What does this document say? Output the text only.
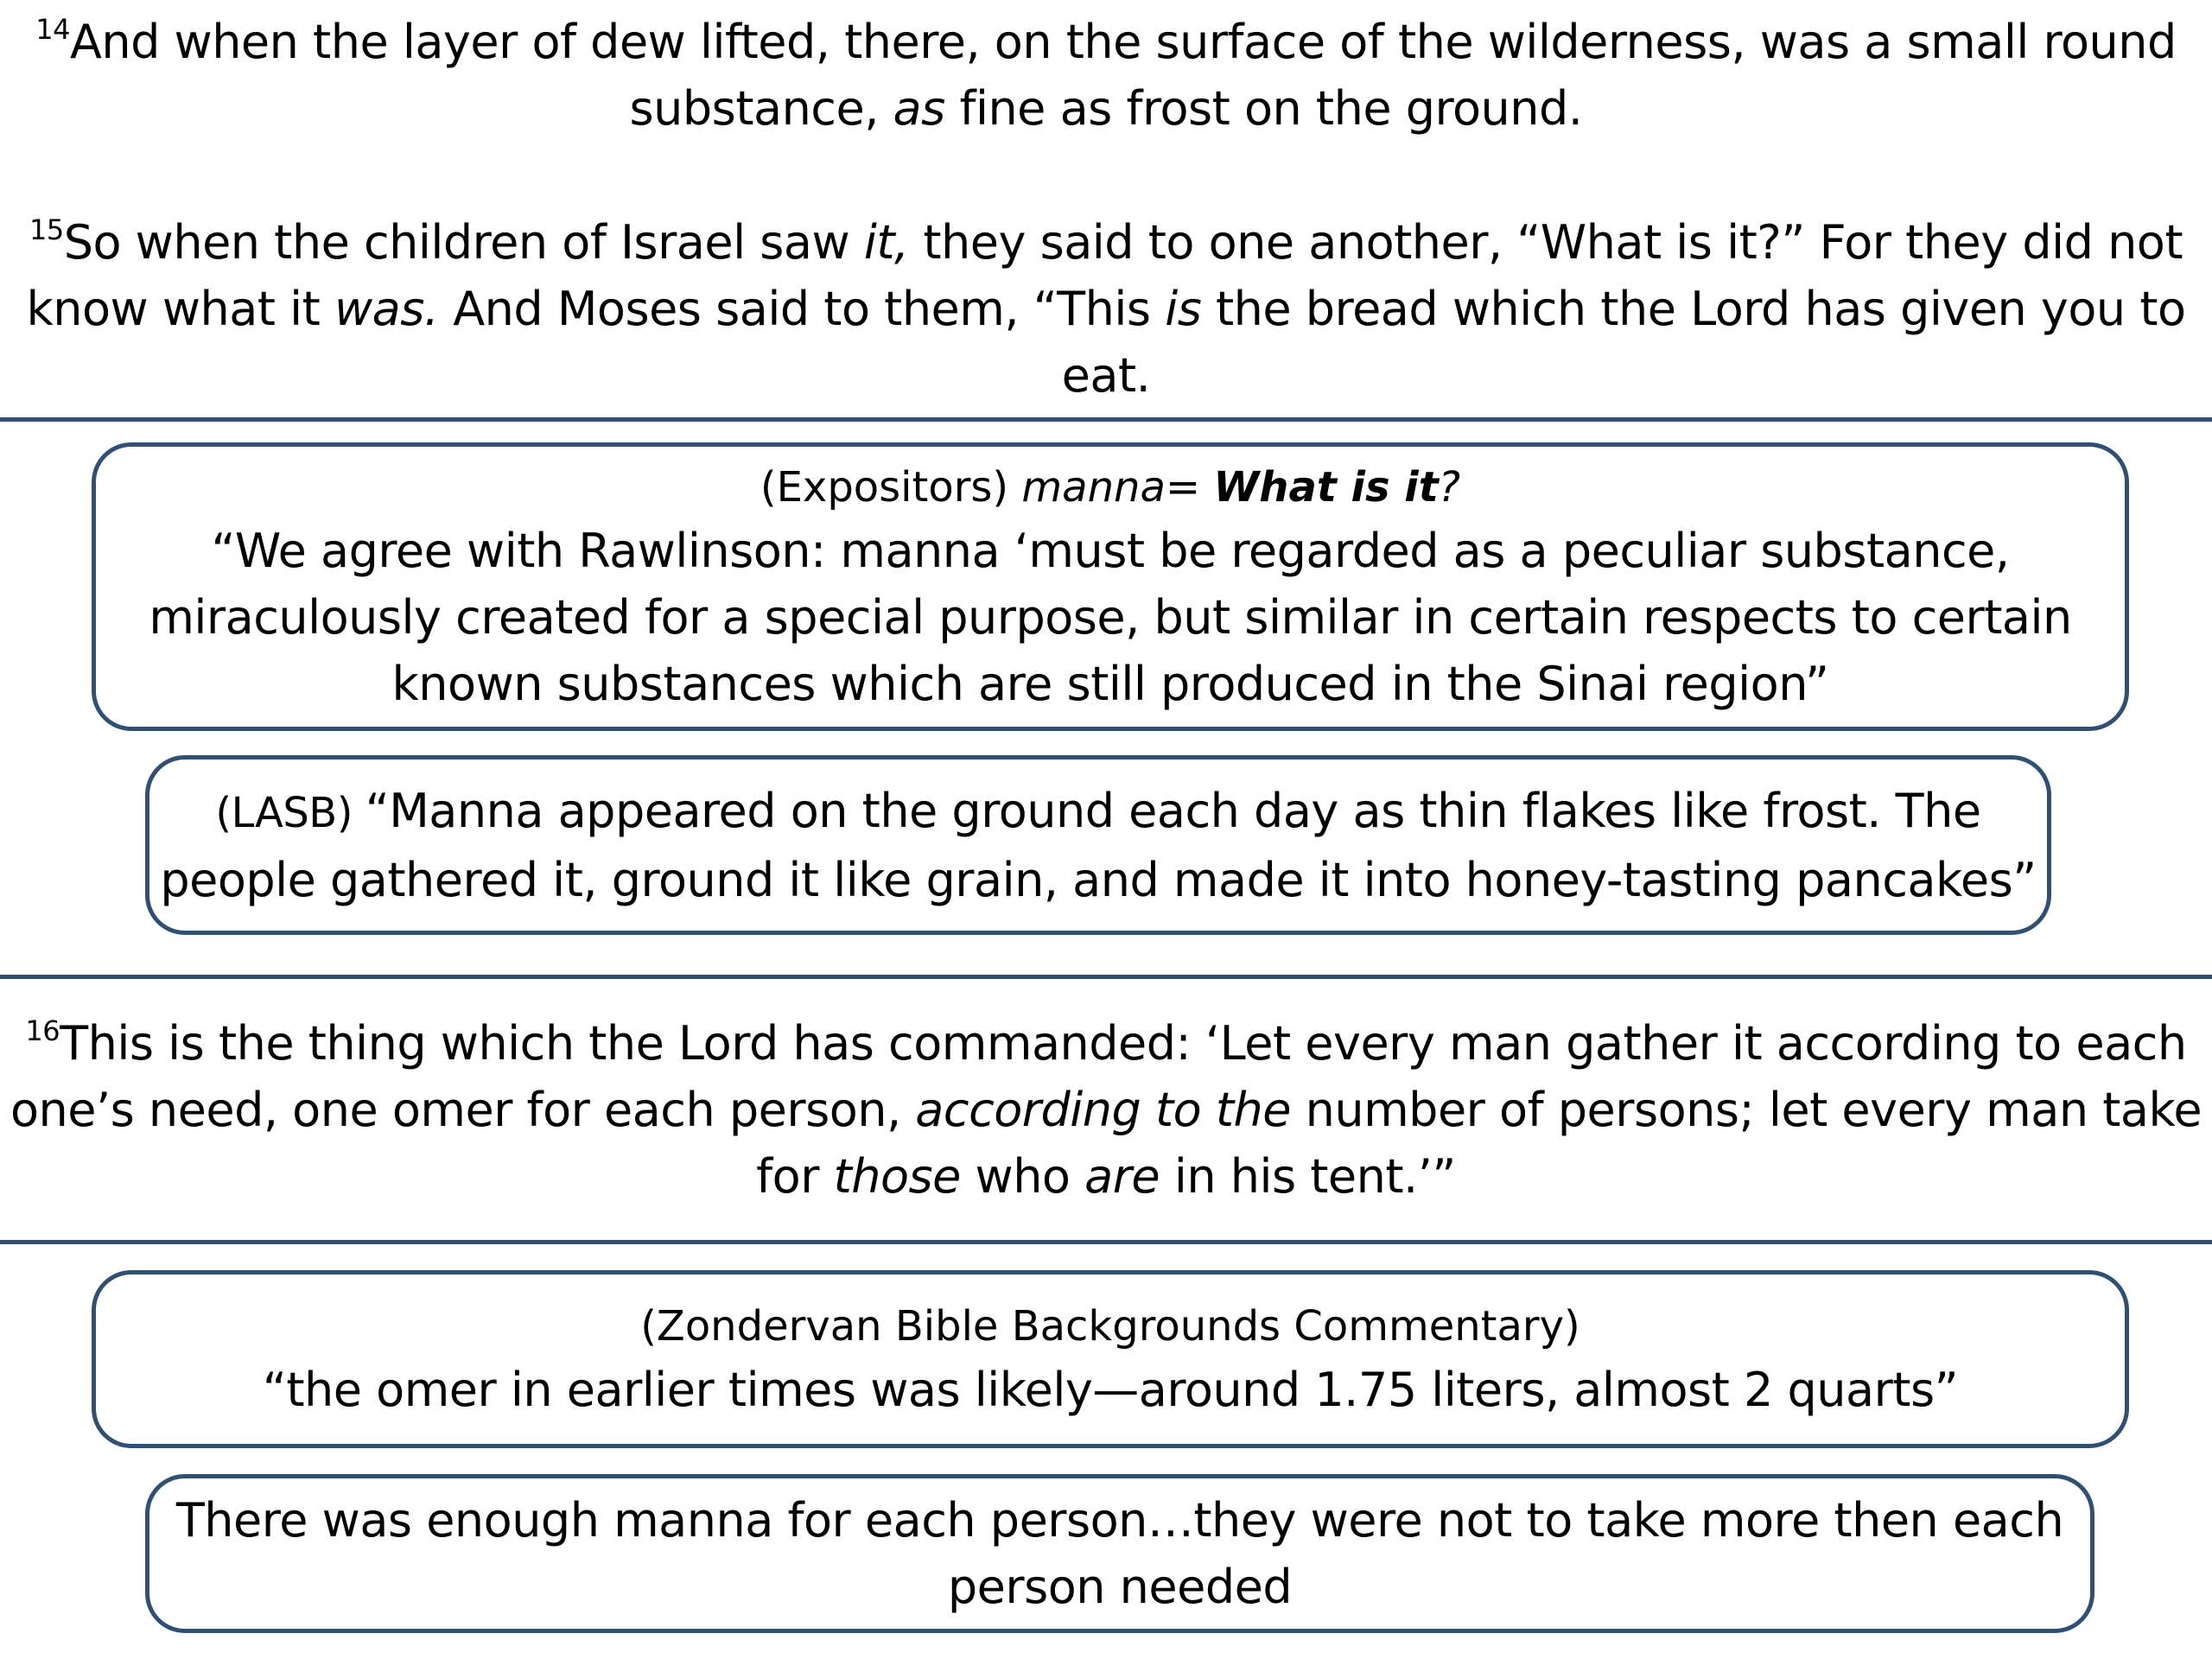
$^{14}$And when the layer of dew lifted, there, on the surface of the wilderness, was a small round

substance, as fine as frost on the ground.

$^{15}$So when the children of Israel saw it, they said to one another, “What is it?” For they did not

know what it was. And Moses said to them, “This is the bread which the Lord has given you to

eat.

(Expositors) manna= What is it?

“We agree with Rawlinson: manna ‘must be regarded as a peculiar substance,

miraculously created for a special purpose, but similar in certain respects to certain

known substances which are still produced in the Sinai region”

(LASB) “Manna appeared on the ground each day as thin flakes like frost. The

people gathered it, ground it like grain, and made it into honey-tasting pancakes”

$^{16}$This is the thing which the Lord has commanded: ‘Let every man gather it according to each

one’s need, one omer for each person, according to the number of persons; let every man take

for those who are in his tent.’”

(Zondervan Bible Backgrounds Commentary)

“the omer in earlier times was likely—around 1.75 liters, almost 2 quarts”

There was enough manna for each person…they were not to take more then each

person needed
